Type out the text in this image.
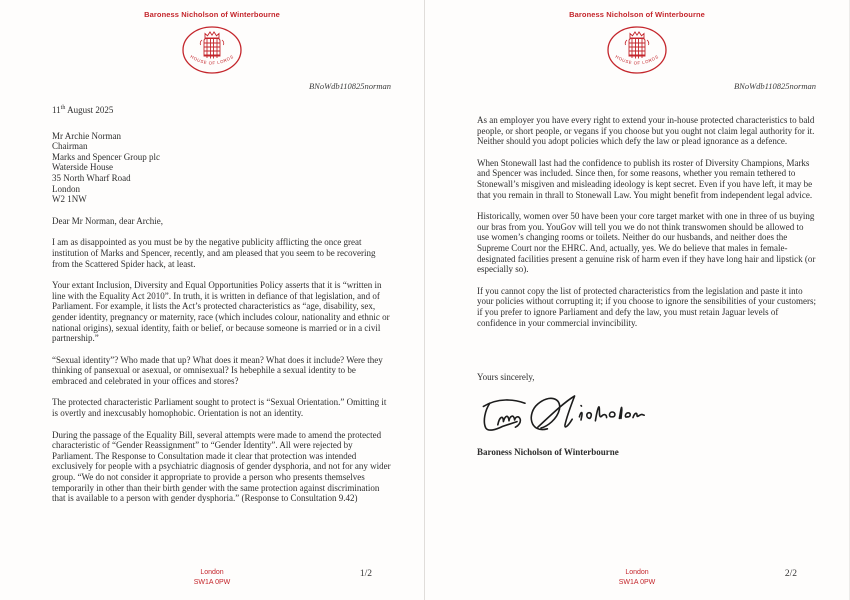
Baroness Nicholson of Winterbourne
HOUSE OF LORDS
BNoWdb110825norman
11th August 2025
Mr Archie Norman
Chairman
Marks and Spencer Group plc
Waterside House
35 North Wharf Road
London
W2 1NW
Dear Mr Norman, dear Archie,
I am as disappointed as you must be by the negative publicity afflicting the once great institution of Marks and Spencer, recently, and am pleased that you seem to be recovering from the Scattered Spider hack, at least.
Your extant Inclusion, Diversity and Equal Opportunities Policy asserts that it is “written in line with the Equality Act 2010”. In truth, it is written in defiance of that legislation, and of Parliament. For example, it lists the Act’s protected characteristics as “age, disability, sex, gender identity, pregnancy or maternity, race (which includes colour, nationality and ethnic or national origins), sexual identity, faith or belief, or because someone is married or in a civil partnership.”
“Sexual identity”? Who made that up? What does it mean? What does it include? Were they thinking of pansexual or asexual, or omnisexual? Is hebephile a sexual identity to be embraced and celebrated in your offices and stores?
The protected characteristic Parliament sought to protect is “Sexual Orientation.” Omitting it is overtly and inexcusably homophobic. Orientation is not an identity.
During the passage of the Equality Bill, several attempts were made to amend the protected characteristic of “Gender Reassignment” to “Gender Identity”. All were rejected by Parliament. The Response to Consultation made it clear that protection was intended exclusively for people with a psychiatric diagnosis of gender dysphoria, and not for any wider group. “We do not consider it appropriate to provide a person who presents themselves temporarily in other than their birth gender with the same protection against discrimination that is available to a person with gender dysphoria.” (Response to Consultation 9.42)
London
SW1A 0PW
1/2
Baroness Nicholson of Winterbourne
HOUSE OF LORDS
BNoWdb110825norman
As an employer you have every right to extend your in-house protected characteristics to bald people, or short people, or vegans if you choose but you ought not claim legal authority for it. Neither should you adopt policies which defy the law or plead ignorance as a defence.
When Stonewall last had the confidence to publish its roster of Diversity Champions, Marks and Spencer was included. Since then, for some reasons, whether you remain tethered to Stonewall’s misgiven and misleading ideology is kept secret. Even if you have left, it may be that you remain in thrall to Stonewall Law. You might benefit from independent legal advice.
Historically, women over 50 have been your core target market with one in three of us buying our bras from you. YouGov will tell you we do not think transwomen should be allowed to use women’s changing rooms or toilets. Neither do our husbands, and neither does the Supreme Court nor the EHRC. And, actually, yes. We do believe that males in female-designated facilities present a genuine risk of harm even if they have long hair and lipstick (or especially so).
If you cannot copy the list of protected characteristics from the legislation and paste it into your policies without corrupting it; if you choose to ignore the sensibilities of your customers; if you prefer to ignore Parliament and defy the law, you must retain Jaguar levels of confidence in your commercial invincibility.
Yours sincerely,
Baroness Nicholson of Winterbourne
London
SW1A 0PW
2/2
